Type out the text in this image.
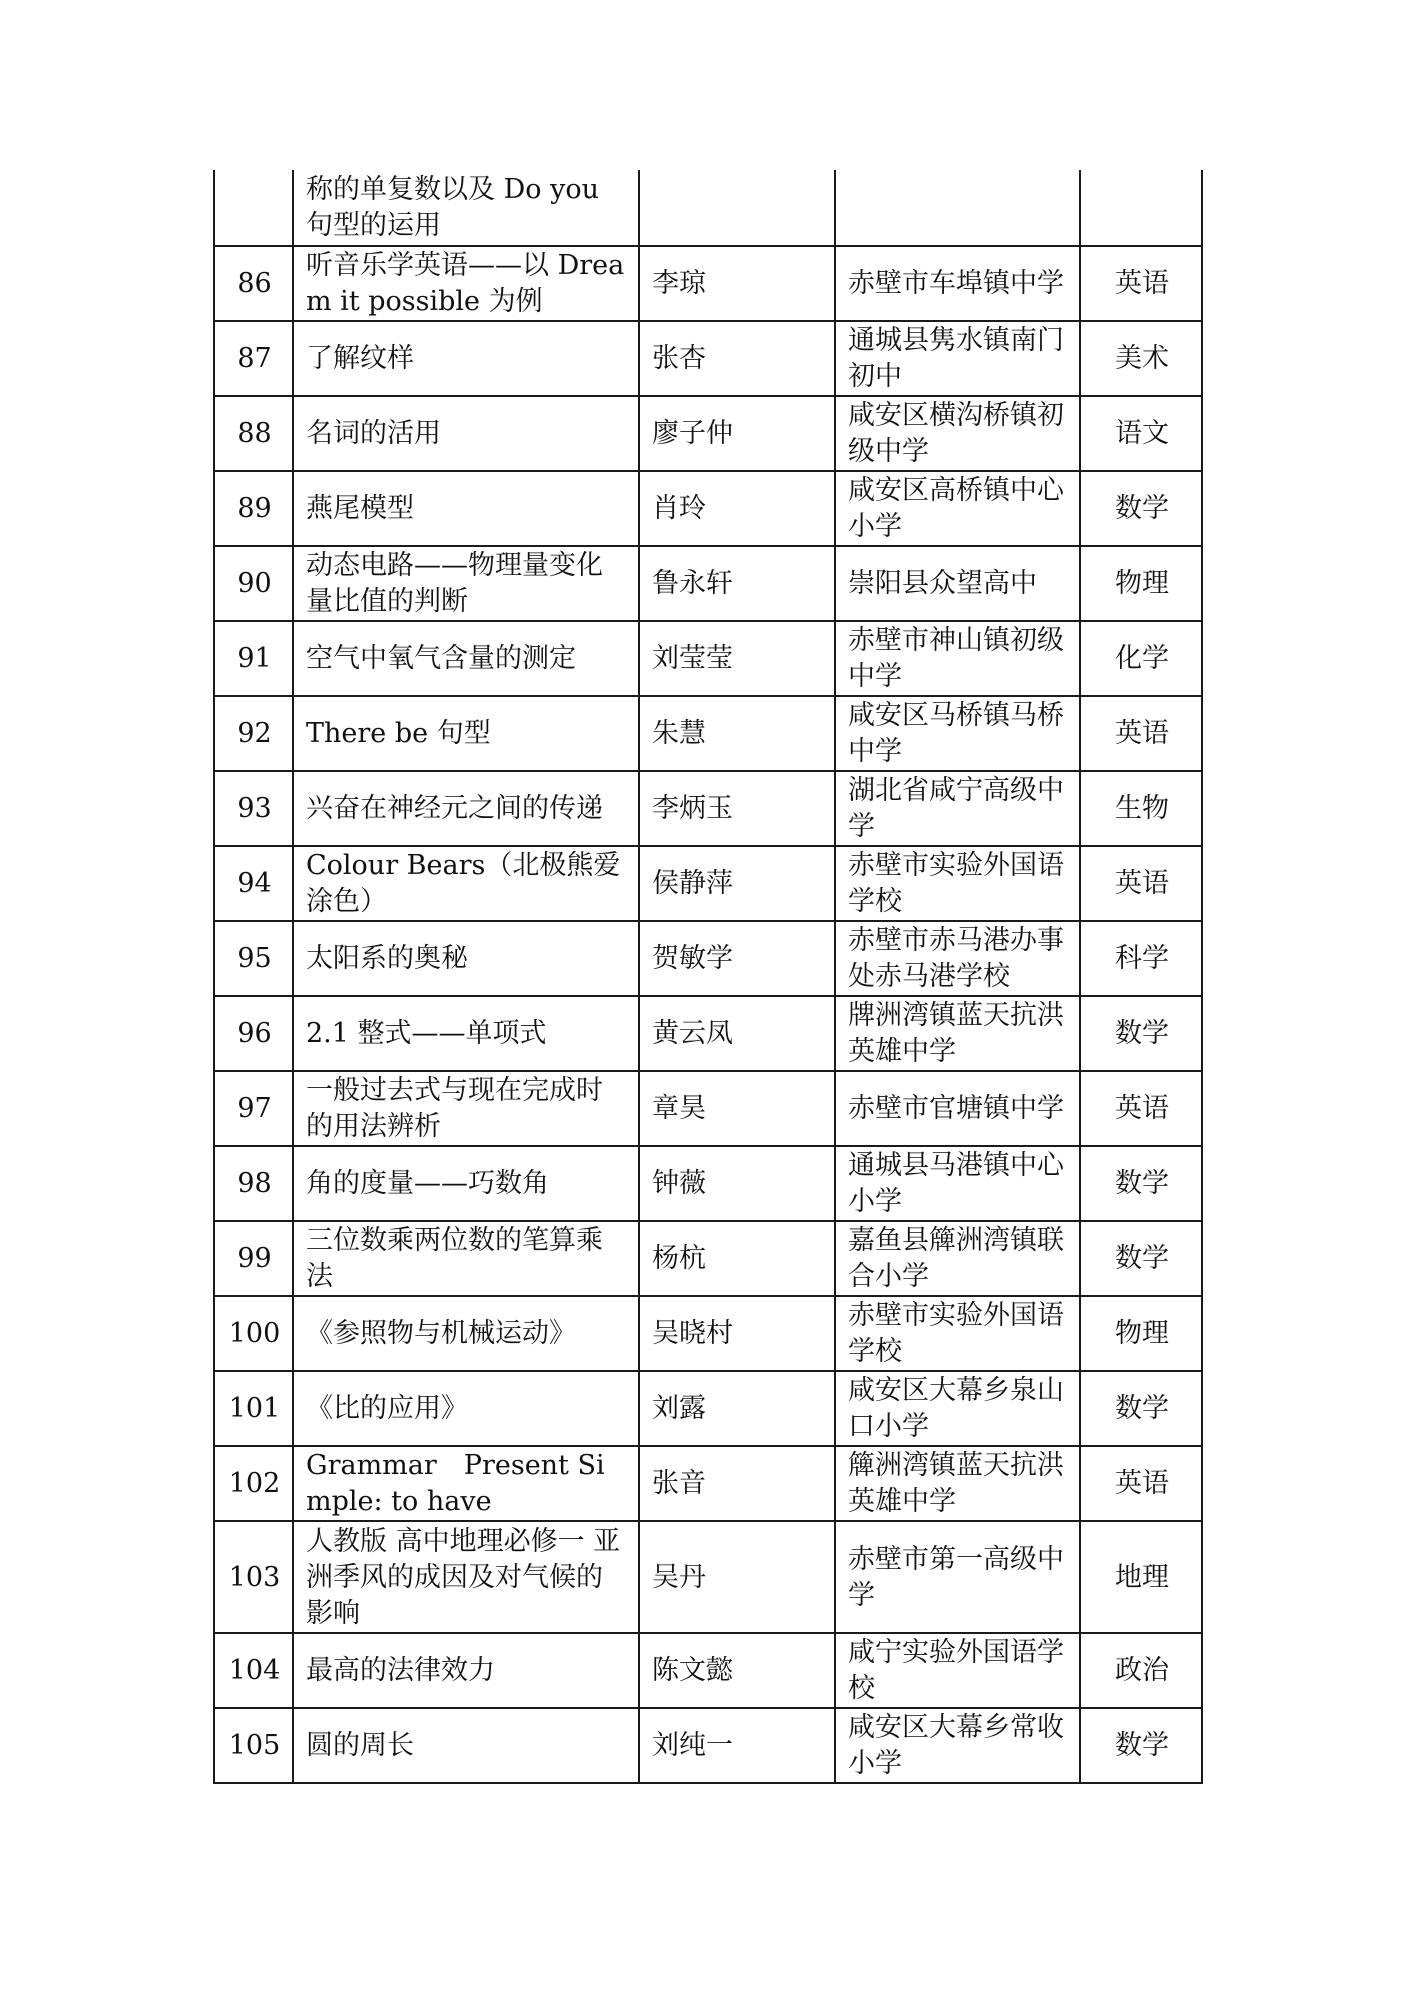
	称的单复数以及 Do you 句型的运用			
86	听音乐学英语——以 Dream it possible 为例	李琼	赤壁市车埠镇中学	英语
87	了解纹样	张杏	通城县隽水镇南门初中	美术
88	名词的活用	廖子仲	咸安区横沟桥镇初级中学	语文
89	燕尾模型	肖玲	咸安区高桥镇中心小学	数学
90	动态电路——物理量变化量比值的判断	鲁永轩	崇阳县众望高中	物理
91	空气中氧气含量的测定	刘莹莹	赤壁市神山镇初级中学	化学
92	There be 句型	朱慧	咸安区马桥镇马桥中学	英语
93	兴奋在神经元之间的传递	李炳玉	湖北省咸宁高级中学	生物
94	Colour Bears（北极熊爱涂色）	侯静萍	赤壁市实验外国语学校	英语
95	太阳系的奥秘	贺敏学	赤壁市赤马港办事处赤马港学校	科学
96	2.1 整式——单项式	黄云凤	牌洲湾镇蓝天抗洪英雄中学	数学
97	一般过去式与现在完成时的用法辨析	章昊	赤壁市官塘镇中学	英语
98	角的度量——巧数角	钟薇	通城县马港镇中心小学	数学
99	三位数乘两位数的笔算乘法	杨杭	嘉鱼县簰洲湾镇联合小学	数学
100	《参照物与机械运动》	吴晓村	赤壁市实验外国语学校	物理
101	《比的应用》	刘露	咸安区大幕乡泉山口小学	数学
102	Grammar　Present Simple: to have	张音	簰洲湾镇蓝天抗洪英雄中学	英语
103	人教版 高中地理必修一 亚洲季风的成因及对气候的影响	吴丹	赤壁市第一高级中学	地理
104	最高的法律效力	陈文懿	咸宁实验外国语学校	政治
105	圆的周长	刘纯一	咸安区大幕乡常收小学	数学
